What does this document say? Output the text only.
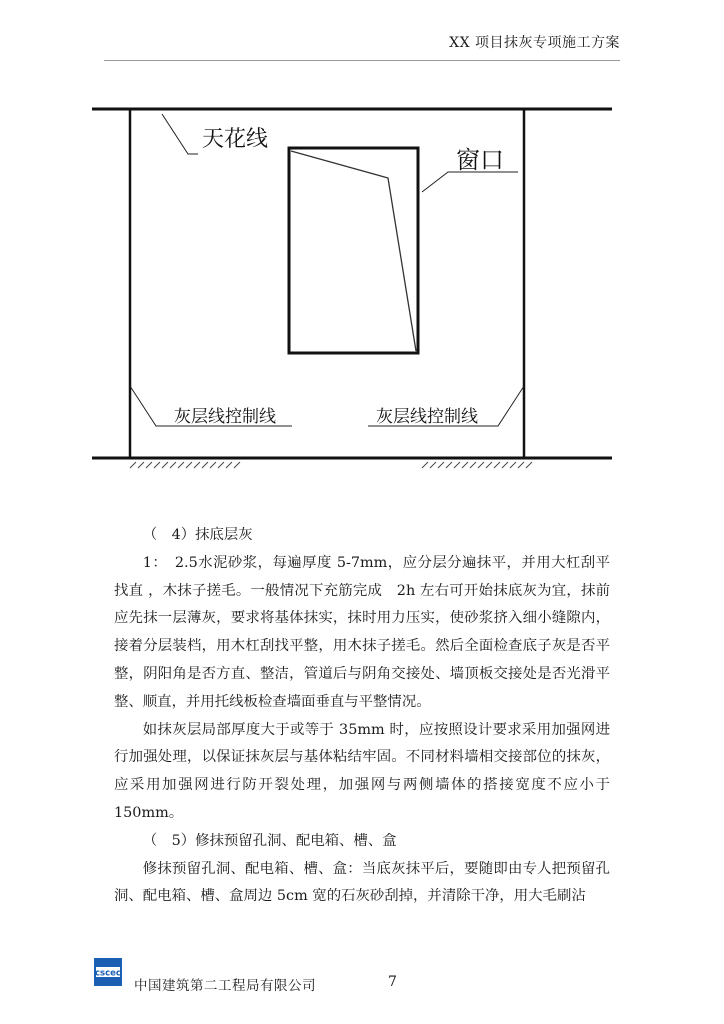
XX 项目抹灰专项施工方案
天花线
窗口
灰层线控制线	灰层线控制线

（　4）抹底层灰

1：　2.5水泥砂浆，每遍厚度 5-7mm，应分层分遍抹平，并用大杠刮平找直 ，木抹子搓毛。一般情况下充筋完成　2h 左右可开始抹底灰为宜，抹前应先抹一层薄灰，要求将基体抹实，抹时用力压实，使砂浆挤入细小缝隙内，接着分层装档，用木杠刮找平整，用木抹子搓毛。然后全面检查底子灰是否平整，阴阳角是否方直、整洁，管道后与阴角交接处、墙顶板交接处是否光滑平整、顺直，并用托线板检查墙面垂直与平整情况。

如抹灰层局部厚度大于或等于 35mm 时，应按照设计要求采用加强网进行加强处理，以保证抹灰层与基体粘结牢固。不同材料墙相交接部位的抹灰，应采用加强网进行防开裂处理，加强网与两侧墙体的搭接宽度不应小于150mm。

（　5）修抹预留孔洞、配电箱、槽、盒

修抹预留孔洞、配电箱、槽、盒：当底灰抹平后，要随即由专人把预留孔洞、配电箱、槽、盒周边 5cm 宽的石灰砂刮掉，并清除干净，用大毛刷沾

cscec
中国建筑第二工程局有限公司	7
